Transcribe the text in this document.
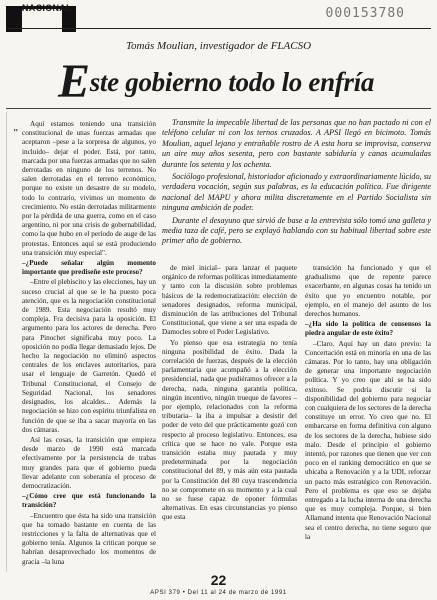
NACIONAL	000153780
Tomás Moulian, investigador de FLACSO
Este gobierno todo lo enfría
"

Transmite la impecable libertad de las personas que no han pactado ni con el teléfono celular ni con los ternos cruzados. A APSI llegó en bicimoto. Tomás Moulian, aquel lejano y entrañable rostro de A esta hora se improvisa, conserva un aire muy años sesenta, pero con bastante sabiduría y canas acumuladas durante los setenta y los ochenta.

Sociólogo profesional, historiador aficionado y extraordinariamente lúcido, su verdadera vocación, según sus palabras, es la educación política. Fue dirigente nacional del MAPU y ahora milita discretamente en el Partido Socialista sin ninguna ambición de poder.

Durante el desayuno que sirvió de base a la entrevista sólo tomó una galleta y media taza de café, pero se explayó hablando con su habitual libertad sobre este primer año de gobierno.

Aquí estamos teniendo una transición constitucional de unas fuerzas armadas que aceptaron –pese a la sorpresa de algunos, yo incluido– dejar el poder. Está, por tanto, marcada por una fuerzas armadas que no salen derrotadas en ninguno de los terrenos. No salen derrotadas en el terreno económico, porque no existe un desastre de su modelo, todo lo contrario, vivimos un momento de crecimiento. No están derrotadas militarmente por la pérdida de una guerra, como en el caso argentino, ni por una crisis de gobernabilidad, como la que hubo en el período de auge de las protestas. Entonces aquí se está produciendo una transición muy especial".

–¿Puede señalar algún momento importante que prediseñe este proceso?

–Entre el plebiscito y las elecciones, hay un suceso crucial al que se le ha puesto poca atención, que es la negociación constitucional de 1989. Esta negociación resultó muy compleja. Fra decisiva para la oposición. El argumento para los actores de derecha. Pero para Pinochet significaba muy poco. La oposición no podía llegar demasiado lejos. De hecho la negociación no eliminó aspectos centrales de los enclaves autoritarios, para usar el lenguaje de Garretón. Quedó el Tribunal Constitucional, el Consejo de Seguridad Nacional, los senadores designados, los alcaldes... Además la negociación se hizo con espíritu triunfalista en función de que se iba a sacar mayoría en las dos cámaras.

Así las cosas, la transición que empieza desde marzo de 1990 está marcada efectivamente por la persistencia de trabas muy grandes para que el gobierno pueda llevar adelante con soberanía el proceso de democratización.

–¿Cómo cree que está funcionando la transición?

–Encuentro que ésta ha sido una transición que ha tomado bastante en cuenta de las restricciones y la falta de alternativas que el gobierno tenía. Algunos la critican porque se habrían desaprovechado los momentos de gracia –la luna

de miel inicial– para lanzar el paquete orgánico de reformas políticas inmediatamente y tanto con la discusión sobre problemas básicos de la redemocratización: elección de senadores designados, reforma municipal, disminución de las atribuciones del Tribunal Constitucional, que viene a ser una espada de Damocles sobre el Poder Legislativo.

Yo pienso que esa estrategia no tenía ninguna posibilidad de éxito. Dada la correlación de fuerzas, después de la elección parlamentaria que acompañó a la elección presidencial, nada que pudiéramos ofrecer a la derecha, nada, ninguna garantía política, ningún incentivo, ningún trueque de favores –por ejemplo, relacionados con la reforma tributaria– la iba a impulsar a desistir del poder de veto del que prácticamente gozó con respecto al proceso legislativo. Entonces, esa crítica que se hace no vale. Porque esta transición estaba muy pautada y muy predeterminada por la negociación constitucional del 89, y más aún esta pautada por la Constitución del 80 cuya trascendencia no se compromete en su momento y a la cual no se fuese capaz de oponer fórmulas alternativas. En esas circunstancias yo pienso que esta

transición ha funcionado y que el gradualismo que de repente parece exacerbante, en algunas cosas ha tenido un éxito que yo encuentro notable, por ejemplo, en el manejo del asunto de los derechos humanos.

–¿Ha sido la política de consensos la piedra angular de este éxito?

–Claro. Aquí hay un dato previo: la Concertación está en minoría en una de las cámaras. Por lo tanto, hay una obligación de generar una importante negociación política. Y yo creo que ahí se ha sido exitoso. Se podría discutir si la disponibilidad del gobierno para negociar con cualquiera de los sectores de la derecha constituye un error. Yo creo que no. El embarcarse en forma definitiva con alguno de los sectores de la derecha, hubiese sido malo. Desde el principio el gobierno intentó, por razones que tienen que ver con poco en el ranking democrático en que se ubicaba a Renovación y a la UDI, reforzar un pacto más estratégico con Renovación. Pero el problema es que eso se dejaba entregado a la lucha interna de una derecha que es muy compleja. Porque, si bien Allamand intenta que Renovación Nacional sea el centro derecha, no tiene seguro que la

22
APSI 379 • Del 11 al 24 de marzo de 1991
